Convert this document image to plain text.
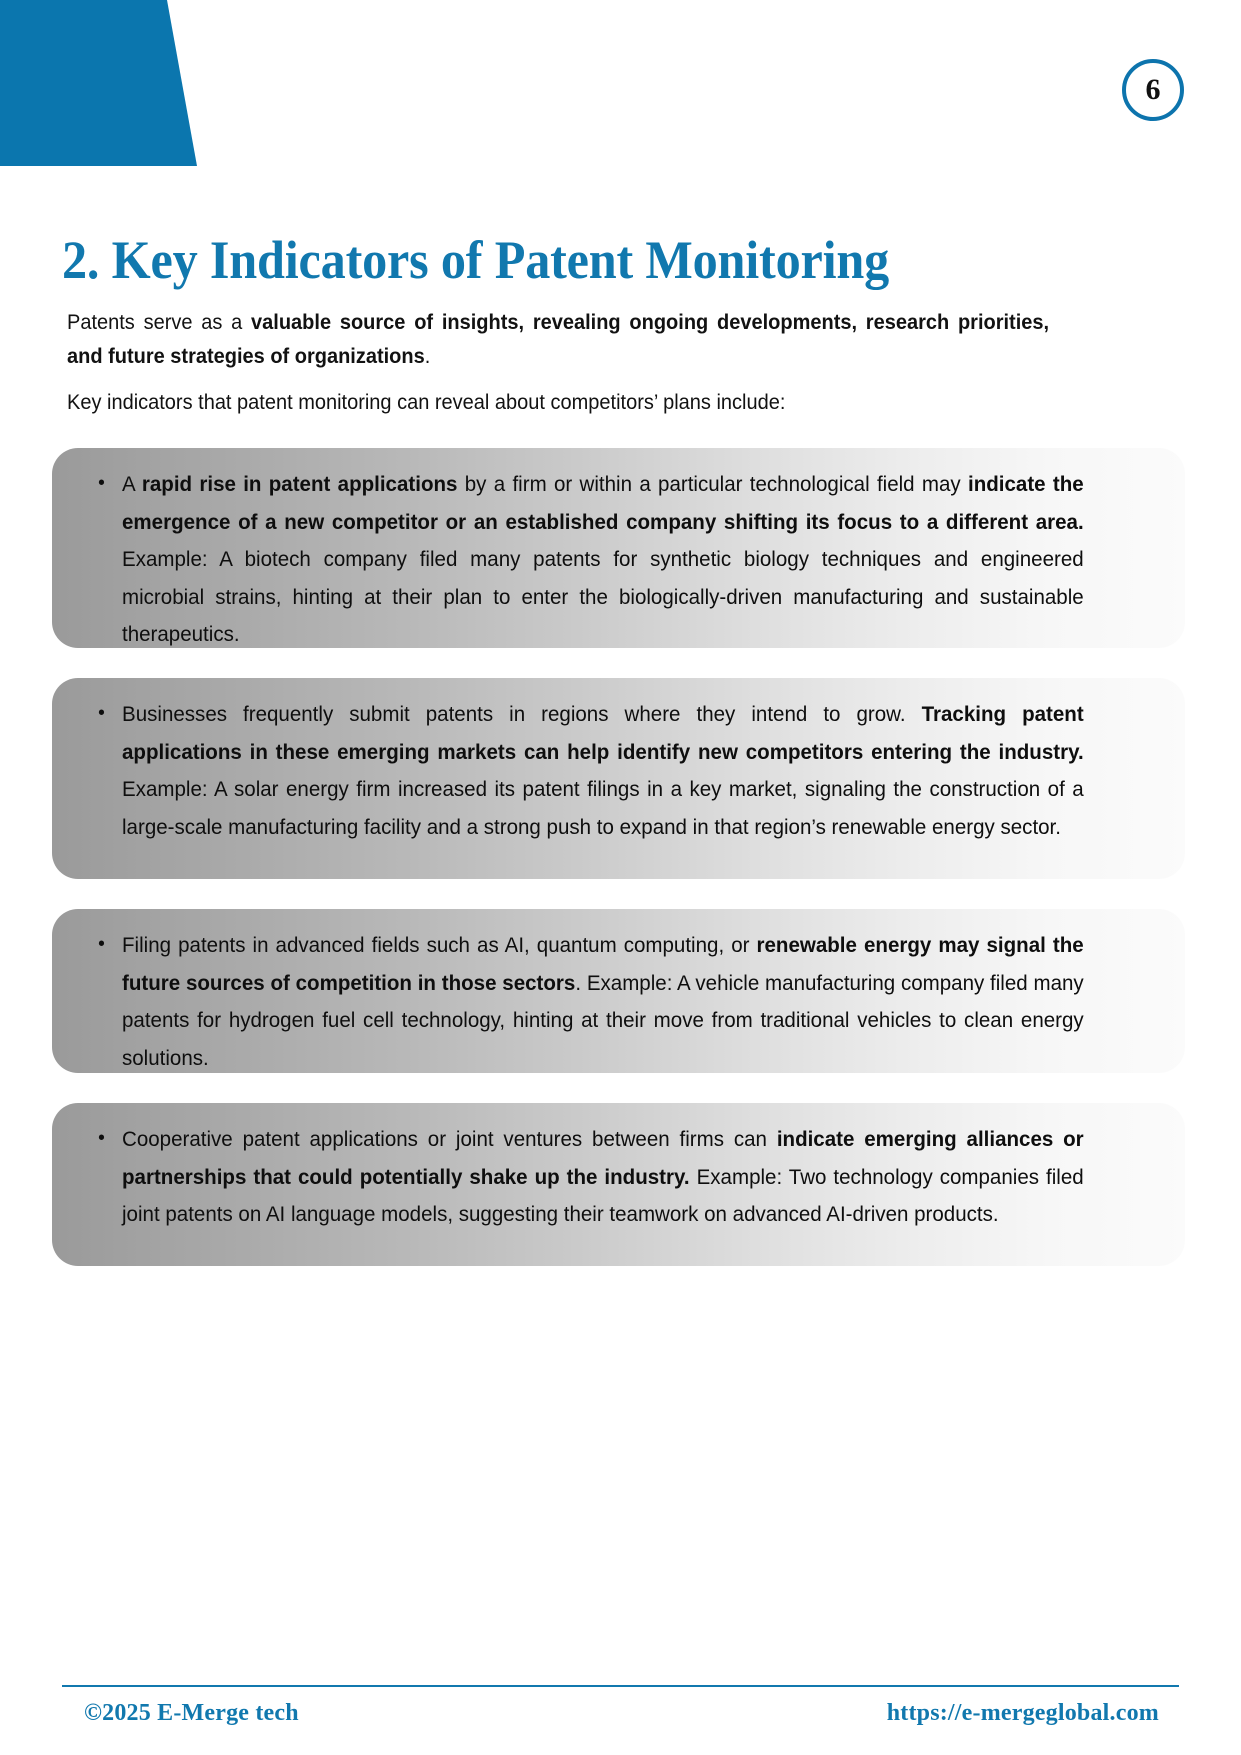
6
2. Key Indicators of Patent Monitoring

Patents serve as a valuable source of insights, revealing ongoing developments, research priorities, and future strategies of organizations.

Key indicators that patent monitoring can reveal about competitors’ plans include:

• A rapid rise in patent applications by a firm or within a particular technological field may indicate the emergence of a new competitor or an established company shifting its focus to a different area. Example: A biotech company filed many patents for synthetic biology techniques and engineered microbial strains, hinting at their plan to enter the biologically-driven manufacturing and sustainable therapeutics.
• Businesses frequently submit patents in regions where they intend to grow. Tracking patent applications in these emerging markets can help identify new competitors entering the industry. Example: A solar energy firm increased its patent filings in a key market, signaling the construction of a large-scale manufacturing facility and a strong push to expand in that region’s renewable energy sector.
• Filing patents in advanced fields such as AI, quantum computing, or renewable energy may signal the future sources of competition in those sectors. Example: A vehicle manufacturing company filed many patents for hydrogen fuel cell technology, hinting at their move from traditional vehicles to clean energy solutions.
• Cooperative patent applications or joint ventures between firms can indicate emerging alliances or partnerships that could potentially shake up the industry. Example: Two technology companies filed joint patents on AI language models, suggesting their teamwork on advanced AI-driven products.
©2025 E-Merge tech	https://e-mergeglobal.com
